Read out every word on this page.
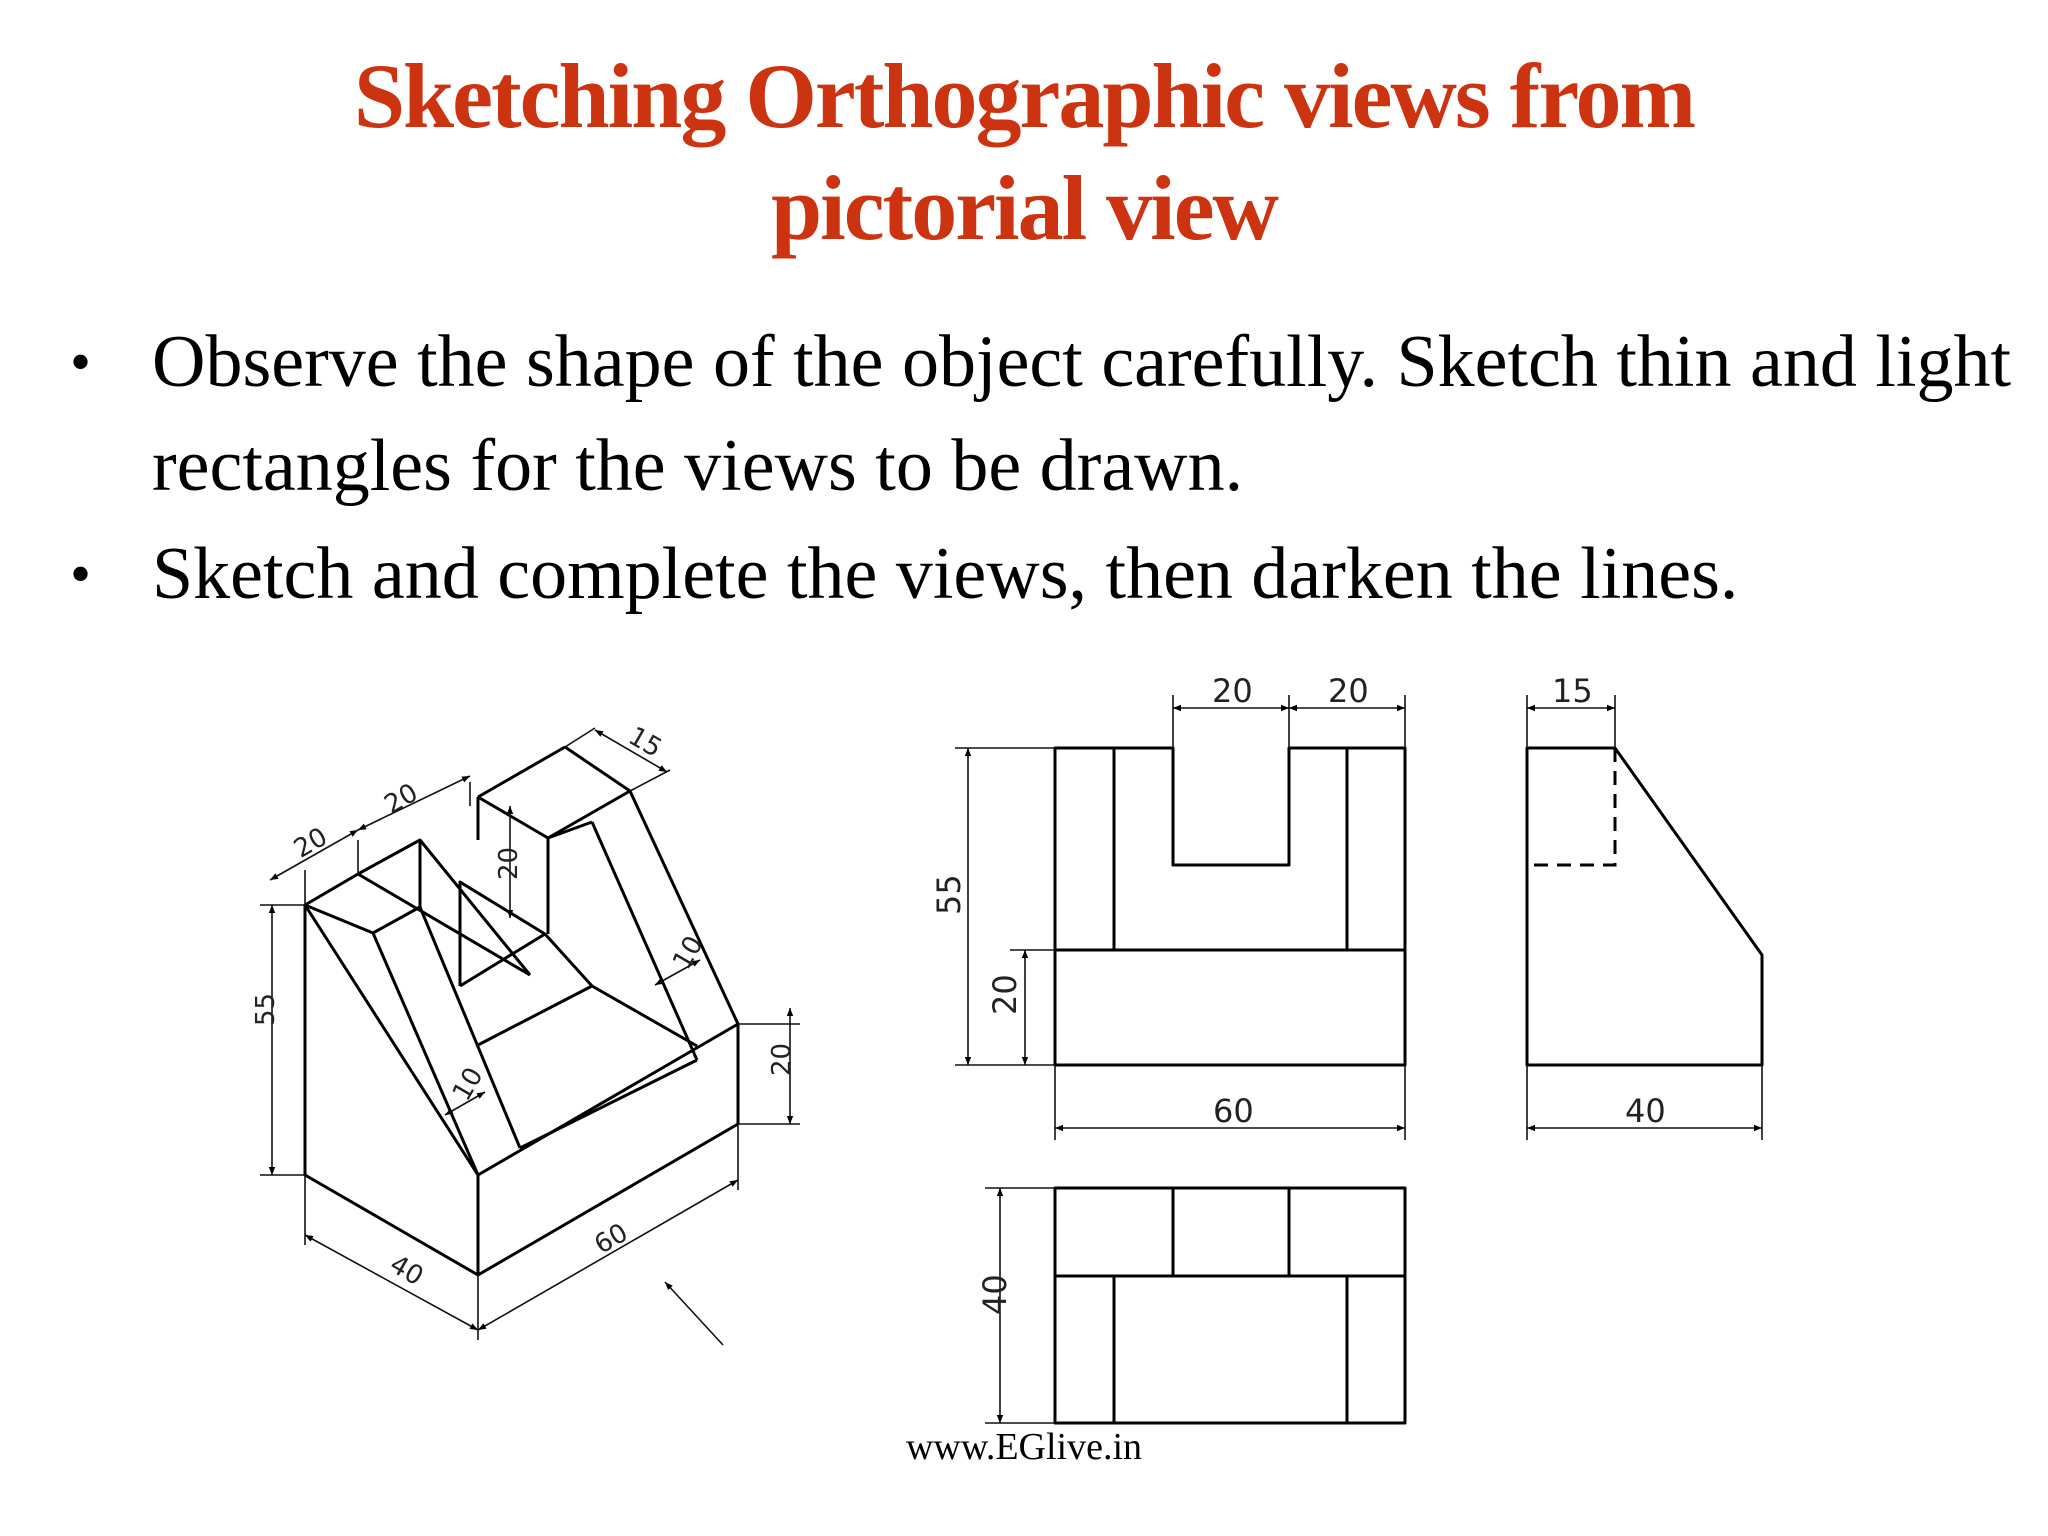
Sketching Orthographic views from
pictorial view
• Observe the shape of the object carefully. Sketch thin and light rectangles for the views to be drawn.
• Sketch and complete the views, then darken the lines.
20
20
15
20
10
10
55
20
40
60
20 20
55
20
60
15
40
40
www.EGlive.in
